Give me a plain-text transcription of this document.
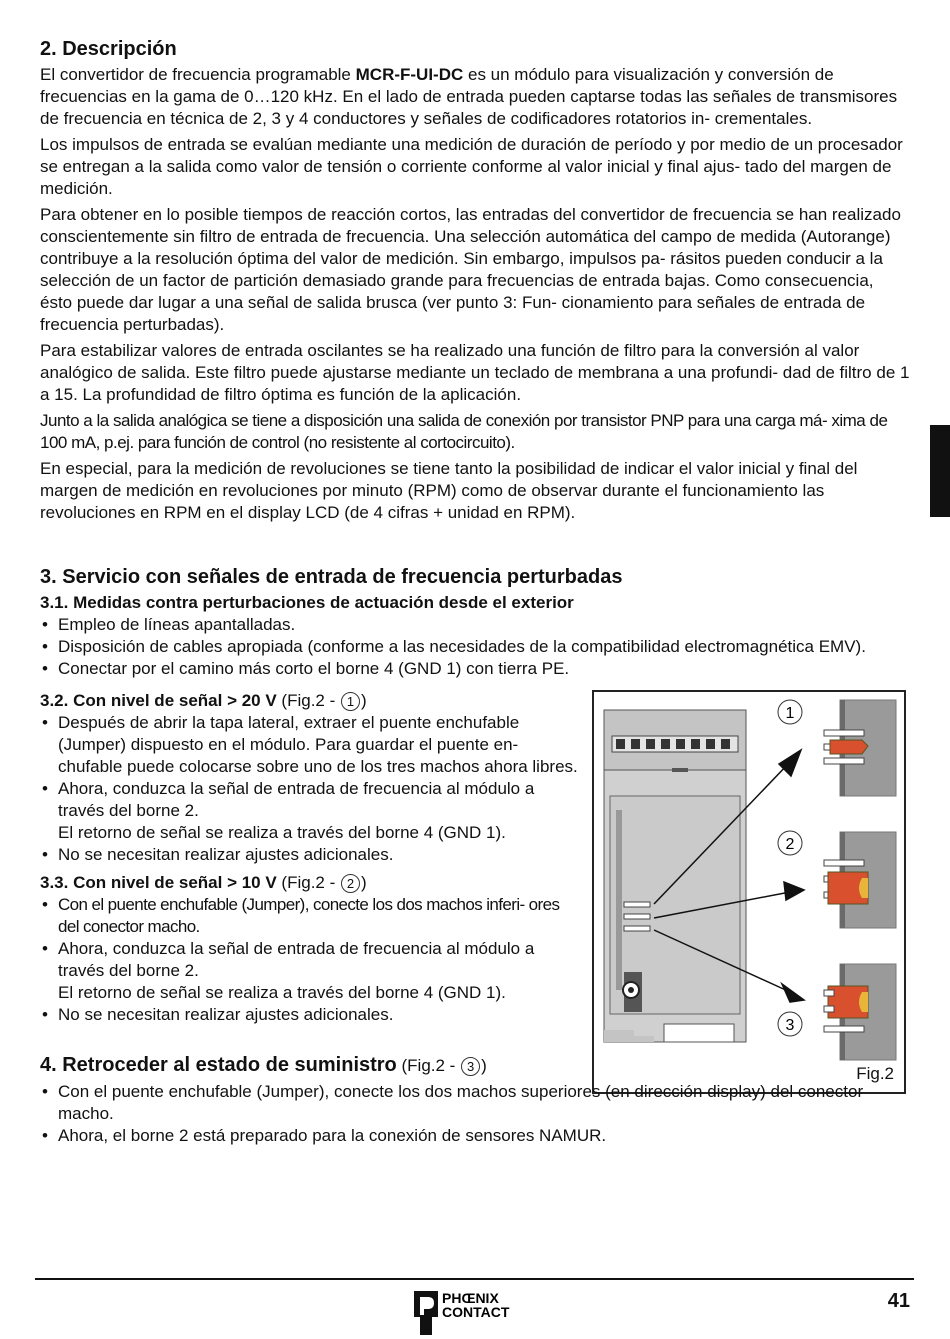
2. Descripción

El convertidor de frecuencia programable MCR-F-UI-DC es un módulo para visualización y conversión de frecuencias en la gama de 0…120 kHz. En el lado de entrada pueden captarse todas las señales de transmisores de frecuencia en técnica de 2, 3 y 4 conductores y señales de codificadores rotatorios in- crementales.

Los impulsos de entrada se evalúan mediante una medición de duración de período y por medio de un procesador se entregan a la salida como valor de tensión o corriente conforme al valor inicial y final ajus- tado del margen de medición.

Para obtener en lo posible tiempos de reacción cortos, las entradas del convertidor de frecuencia se han realizado conscientemente sin filtro de entrada de frecuencia. Una selección automática del campo de medida (Autorange) contribuye a la resolución óptima del valor de medición. Sin embargo, impulsos pa- rásitos pueden conducir a la selección de un factor de partición demasiado grande para frecuencias de entrada bajas. Como consecuencia, ésto puede dar lugar a una señal de salida brusca (ver punto 3: Fun- cionamiento para señales de entrada de frecuencia perturbadas).

Para estabilizar valores de entrada oscilantes se ha realizado una función de filtro para la conversión al valor analógico de salida. Este filtro puede ajustarse mediante un teclado de membrana a una profundi- dad de filtro de 1 a 15. La profundidad de filtro óptima es función de la aplicación.

Junto a la salida analógica se tiene a disposición una salida de conexión por transistor PNP para una carga má- xima de 100 mA, p.ej. para función de control (no resistente al cortocircuito).

En especial, para la medición de revoluciones se tiene tanto la posibilidad de indicar el valor inicial y final del margen de medición en revoluciones por minuto (RPM) como de observar durante el funcionamiento las revoluciones en RPM en el display LCD (de 4 cifras + unidad en RPM).

3. Servicio con señales de entrada de frecuencia perturbadas
3.1. Medidas contra perturbaciones de actuación desde el exterior
• Empleo de líneas apantalladas.
• Disposición de cables apropiada (conforme a las necesidades de la compatibilidad electromagnética EMV).
• Conectar por el camino más corto el borne 4 (GND 1) con tierra PE.
3.2. Con nivel de señal > 20 V (Fig.2 - 1 )
• Después de abrir la tapa lateral, extraer el puente enchufable (Jumper) dispuesto en el módulo. Para guardar el puente en- chufable puede colocarse sobre uno de los tres machos ahora libres.
• Ahora, conduzca la señal de entrada de frecuencia al módulo a través del borne 2.
El retorno de señal se realiza a través del borne 4 (GND 1).
• No se necesitan realizar ajustes adicionales.
3.3. Con nivel de señal > 10 V (Fig.2 - 2 )
• Con el puente enchufable (Jumper), conecte los dos machos inferi- ores del conector macho.
• Ahora, conduzca la señal de entrada de frecuencia al módulo a través del borne 2.
El retorno de señal se realiza a través del borne 4 (GND 1).
• No se necesitan realizar ajustes adicionales.
1
2
3
Fig.2
4. Retroceder al estado de suministro (Fig.2 - 3 )
• Con el puente enchufable (Jumper), conecte los dos machos superiores (en dirección display) del conector macho.
• Ahora, el borne 2 está preparado para la conexión de sensores NAMUR.
PHŒNIX
CONTACT	41
